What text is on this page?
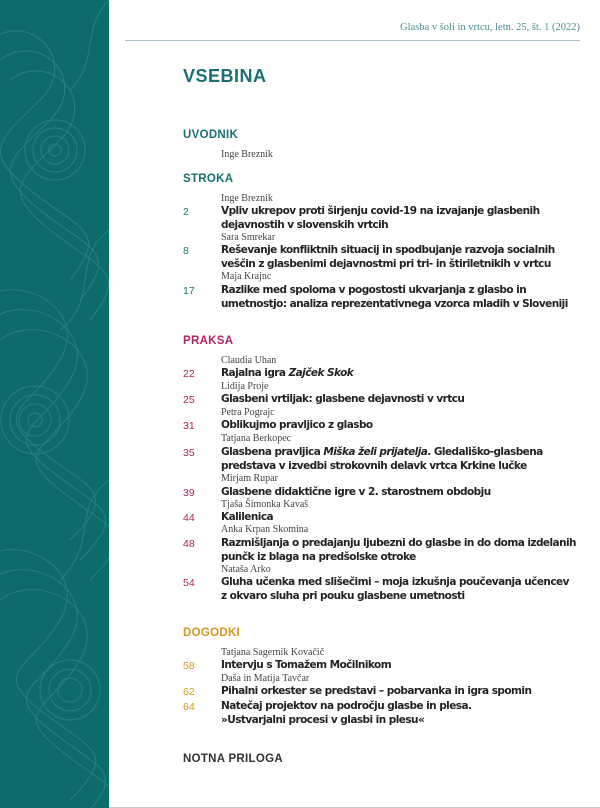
Glasba v šoli in vrtcu, letn. 25, št. 1 (2022)
VSEBINA
UVODNIK
Inge Breznik
STROKA
Inge Breznik
2	Vpliv ukrepov proti širjenju covid-19 na izvajanje glasbenih
dejavnostih v slovenskih vrtcih
Sara Smrekar
8	Reševanje konfliktnih situacij in spodbujanje razvoja socialnih
veščin z glasbenimi dejavnostmi pri tri- in štiriletnikih v vrtcu
Maja Krajnc
17	Razlike med spoloma v pogostosti ukvarjanja z glasbo in
umetnostjo: analiza reprezentativnega vzorca mladih v Sloveniji
PRAKSA
Claudia Uhan
22	Rajalna igra Zajček Skok
Lidija Proje
25	Glasbeni vrtiljak: glasbene dejavnosti v vrtcu
Petra Pograjc
31	Oblikujmo pravljico z glasbo
Tatjana Berkopec
35	Glasbena pravljica Miška želi prijatelja. Gledališko-glasbena
predstava v izvedbi strokovnih delavk vrtca Krkine lučke
Mirjam Rupar
39	Glasbene didaktične igre v 2. starostnem obdobju
Tjaša Šimonka Kavaš
44	Kalilenica
Anka Krpan Skomina
48	Razmišljanja o predajanju ljubezni do glasbe in do doma izdelanih
punčk iz blaga na predšolske otroke
Nataša Arko
54	Gluha učenka med slišečimi – moja izkušnja poučevanja učencev
z okvaro sluha pri pouku glasbene umetnosti
DOGODKI
Tatjana Sagernik Kovačič
58	Intervju s Tomažem Močilnikom
Daša in Matija Tavčar
62	Pihalni orkester se predstavi – pobarvanka in igra spomin
64	Natečaj projektov na področju glasbe in plesa.
»Ustvarjalni procesi v glasbi in plesu«
NOTNA PRILOGA
